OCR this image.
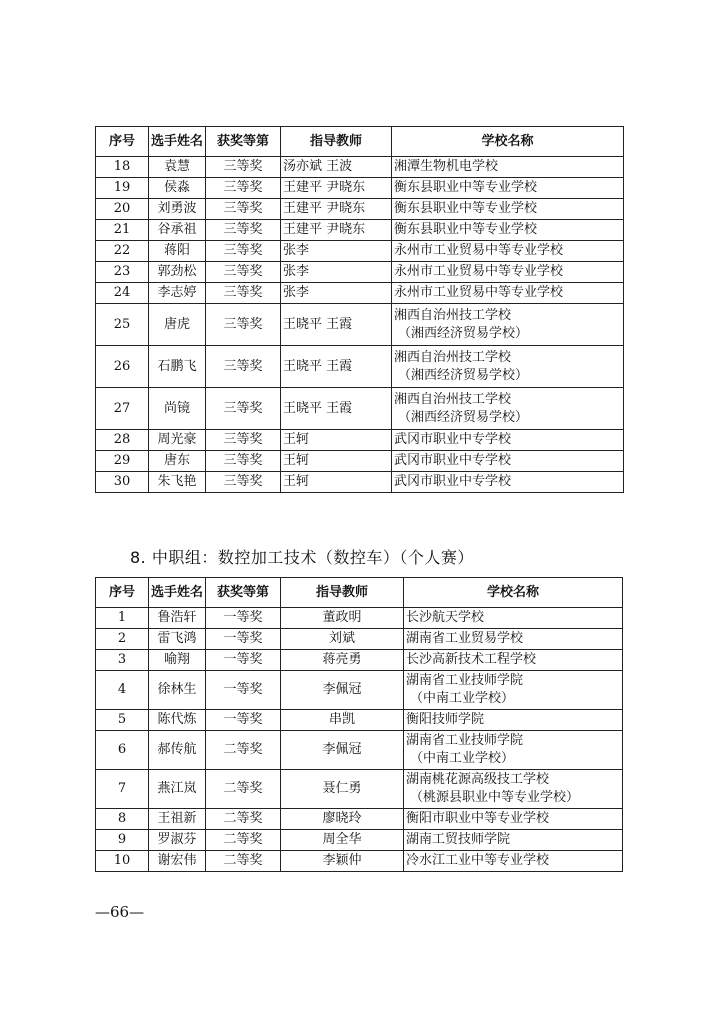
序号	选手姓名	获奖等第	指导教师	学校名称
18	袁慧	三等奖	汤亦斌 王波	湘潭生物机电学校

19	侯淼	三等奖	王建平 尹晓东	衡东县职业中等专业学校

20	刘勇波	三等奖	王建平 尹晓东	衡东县职业中等专业学校

21	谷承祖	三等奖	王建平 尹晓东	衡东县职业中等专业学校

22	蒋阳	三等奖	张李	永州市工业贸易中等专业学校

23	郭劲松	三等奖	张李	永州市工业贸易中等专业学校

24	李志婷	三等奖	张李	永州市工业贸易中等专业学校

25	唐虎	三等奖	王晓平 王霞	湘西自治州技工学校
（湘西经济贸易学校）

26	石鹏飞	三等奖	王晓平 王霞	湘西自治州技工学校
（湘西经济贸易学校）

27	尚镜	三等奖	王晓平 王霞	湘西自治州技工学校
（湘西经济贸易学校）

28	周光豪	三等奖	王轲	武冈市职业中专学校

29	唐东	三等奖	王轲	武冈市职业中专学校

30	朱飞艳	三等奖	王轲	武冈市职业中专学校
8. 中职组：数控加工技术（数控车）（个人赛）
序号	选手姓名	获奖等第	指导教师	学校名称
1	鲁浩轩	一等奖	董政明	长沙航天学校

2	雷飞鸿	一等奖	刘斌	湖南省工业贸易学校

3	喻翔	一等奖	蒋亮勇	长沙高新技术工程学校

4	徐林生	一等奖	李佩冠	湖南省工业技师学院
（中南工业学校）

5	陈代炼	一等奖	串凯	衡阳技师学院

6	郝传航	二等奖	李佩冠	湖南省工业技师学院
（中南工业学校）

7	燕江岚	二等奖	聂仁勇	湖南桃花源高级技工学校
（桃源县职业中等专业学校）

8	王祖新	二等奖	廖晓玲	衡阳市职业中等专业学校

9	罗淑芬	二等奖	周全华	湖南工贸技师学院

10	谢宏伟	二等奖	李颖仲	冷水江工业中等专业学校
—66—
